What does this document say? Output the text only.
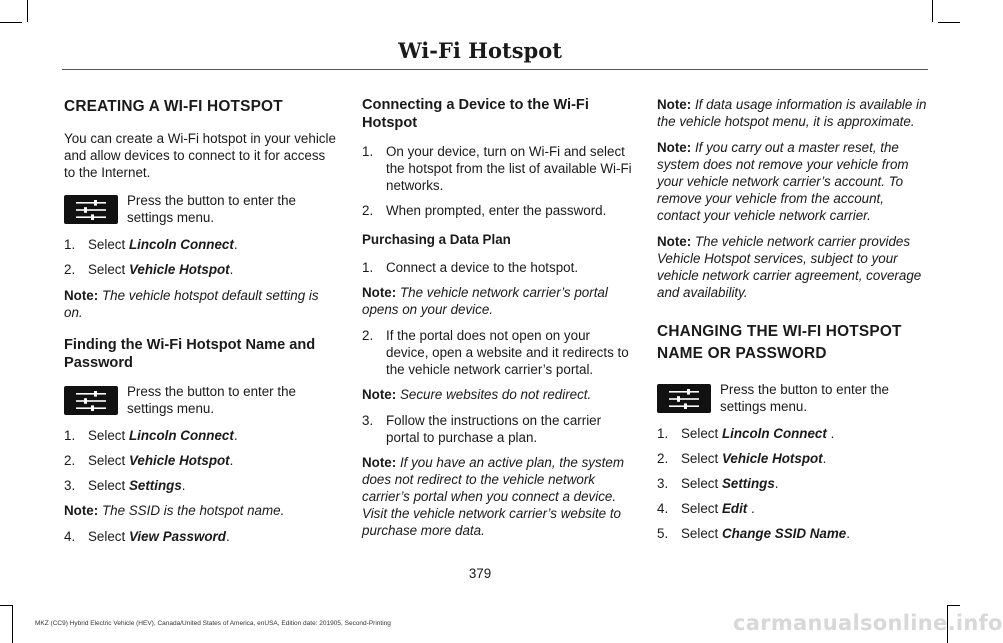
Wi-Fi Hotspot
CREATING A WI-FI HOTSPOT
You can create a Wi-Fi hotspot in your vehicle and allow devices to connect to it for access to the Internet.
Press the button to enter the settings menu.
1. Select Lincoln Connect.
2. Select Vehicle Hotspot.
Note: The vehicle hotspot default setting is on.
Finding the Wi-Fi Hotspot Name and Password
Press the button to enter the settings menu.
1. Select Lincoln Connect.
2. Select Vehicle Hotspot.
3. Select Settings.
Note: The SSID is the hotspot name.
4. Select View Password.
Connecting a Device to the Wi-Fi Hotspot
1. On your device, turn on Wi-Fi and select the hotspot from the list of available Wi-Fi networks.
2. When prompted, enter the password.
Purchasing a Data Plan
1. Connect a device to the hotspot.
Note: The vehicle network carrier’s portal opens on your device.
2. If the portal does not open on your device, open a website and it redirects to the vehicle network carrier’s portal.
Note: Secure websites do not redirect.
3. Follow the instructions on the carrier portal to purchase a plan.
Note: If you have an active plan, the system does not redirect to the vehicle network carrier’s portal when you connect a device. Visit the vehicle network carrier’s website to purchase more data.
Note: If data usage information is available in the vehicle hotspot menu, it is approximate.
Note: If you carry out a master reset, the system does not remove your vehicle from your vehicle network carrier’s account. To remove your vehicle from the account, contact your vehicle network carrier.
Note: The vehicle network carrier provides Vehicle Hotspot services, subject to your vehicle network carrier agreement, coverage and availability.
CHANGING THE WI-FI HOTSPOT
NAME OR PASSWORD
Press the button to enter the settings menu.
1. Select Lincoln Connect .
2. Select Vehicle Hotspot.
3. Select Settings.
4. Select Edit .
5. Select Change SSID Name.
379
MKZ (CC9) Hybrid Electric Vehicle (HEV), Canada/United States of America, enUSA, Edition date: 201905, Second-Printing	carmanualsonline.info
